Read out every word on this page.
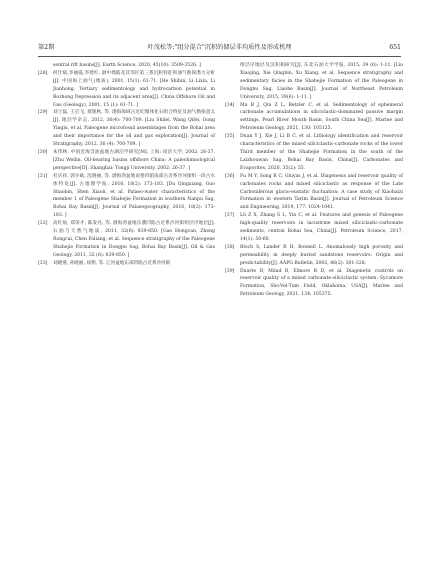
第2期	叶茂松等:"组分混合"沉积的储层非均质性及形成机理	651
sentral rift basins[J]. Earth Science, 2020, 45(10): 3509-3526. ]
[28] 何仕斌,李丽霞,李建红. 渤中坳陷及其邻区第三系沉积特征和油气勘探潜力分析[J]. 中国海上油气(地质), 2001, 15(1): 61-71. [He Shibin, Li Lixia, Li Jianhong. Tertiary sedimentology and hydrocarbon potential in Bozhong Depression and its adjacent area[J]. China Offshore Oil and Gas (Geology), 2001, 15 (1): 61-71. ]
[29] 刘士磊, 王启飞, 龚银秋, 等. 渤海海域古近纪微体化石组合特征及油气勘探意义[J]. 地层学杂志, 2012, 36(4): 700-709. [Liu Shilei, Wang Qifei, Gong Yingiu, et al. Paleogene microfossil assemblages from the Bohai area and their importance for the oil and gas exploration[J]. Journal of Stratigraphy, 2012, 36 (4): 700-709. ]
[30] 朱伟林. 中国近海含油盆地古湖泊学研究[M]. 上海: 同济大学, 2002: 26-37. [Zhu Weilin. Oil-bearing basins offshore China: A paleolimnological perspective[D]. Shanghai: Tongji University, 2002: 26-37. ]
[31] 杜庆祥, 郭少斌, 沈晓丽, 等. 渤海湾盆地南堡凹陷南部古近系沙河街组一段古水体特征[J]. 古地理学报, 2016, 18(2): 173-183. [Du Qingxiang, Guo Shaobin, Shen Xiaoli, et al. Palaeo-water characteristics of the member 1 of Paleogene Shahejie Formation in southern Nanpu Sag, Bohai Bay Basin[J]. Journal of Palaeogeography, 2016, 18(2): 173-183. ]
[32] 高红灿, 郑荣才, 陈发亮, 等. 渤海湾盆地东濮凹陷古近系沙河街组层序地层[J]. 石油与天然气地质, 2011, 32(6): 839-850. [Gao Hongcan, Zheng Rongcai, Chen Faliang, et al. Sequence stratigraphy of the Paleogene Shahejie Formation in Dongpu Sag, Bohai Bay Basin[J]. Oil & Gas Geology, 2011, 32 (6): 839-850. ]
[33] 刘晓燕, 孙晓丽, 徐翔, 等. 辽河盆地东部凹陷古近系沙河街
组层序地层及沉积相研究[J]. 东北石油大学学报, 2015, 39 (6): 1-11. [Liu Xiaojing, Xie Qingbin, Xu Xiang, et al. Sequence stratigraphy and sedimentary facies in the Shahejie Formation of the Paleogene in Dongbu Sag, Liaohe Basin[J]. Journal of Northeast Petroleum University, 2015, 39(6): 1-11. ]
[34] Ma B J, Qin Z L, Betzler C, et al. Sedimentology of ephemeral carbonate accumulations in siliciclastic-dominated passive margin settings, Pearl River Mouth Basin, South China Sea[J]. Marine and Petroleum Geology, 2021, 130: 105125.
[35] Duan Y J, Xie J, Li B C, et al. Lithology identification and reservoir characteristics of the mixed siliciclastic-carbonate rocks of the lower Third member of the Shahejie Formation in the south of the Laizhouwan Sag, Bohai Bay Basin, China[J]. Carbonates and Evaporites, 2020, 35(2): 55.
[36] Fu M Y, Song R C, Gluyas J, et al. Diagenesis and reservoir quality of carbonates rocks and mixed siliciclastic as response of the Late Carboniferous glacio-eustatic fluctuation: A case study of Xiaohaizi Formation in western Tarim Basin[J]. Journal of Petroleum Science and Engineering, 2019, 177: 1024-1041.
[37] Lü Z X, Zhang S L, Yin C, et al. Features and genesis of Paleogene high-quality reservoirs in lacustrine mixed siliciclastic-carbonate sediments, central Bohai Sea, China[J]. Petroleum Science, 2017, 14(1): 50-60.
[38] Bloch S, Lander R H, Bonnell L. Anomalously high porosity and permeability in deeply buried sandstone reservoirs: Origin and predictability[J]. AAPG Bulletin, 2002, 86(2): 301-328.
[39] Duarte D, Milad B, Elmore R D, et al. Diagenetic controls on reservoir quality of a mixed carbonate-siliciclastic system: Sycamore Formation, Sho-Vel-Tum Field, Oklahoma, USA[J]. Marine and Petroleum Geology, 2021, 134: 105375.
